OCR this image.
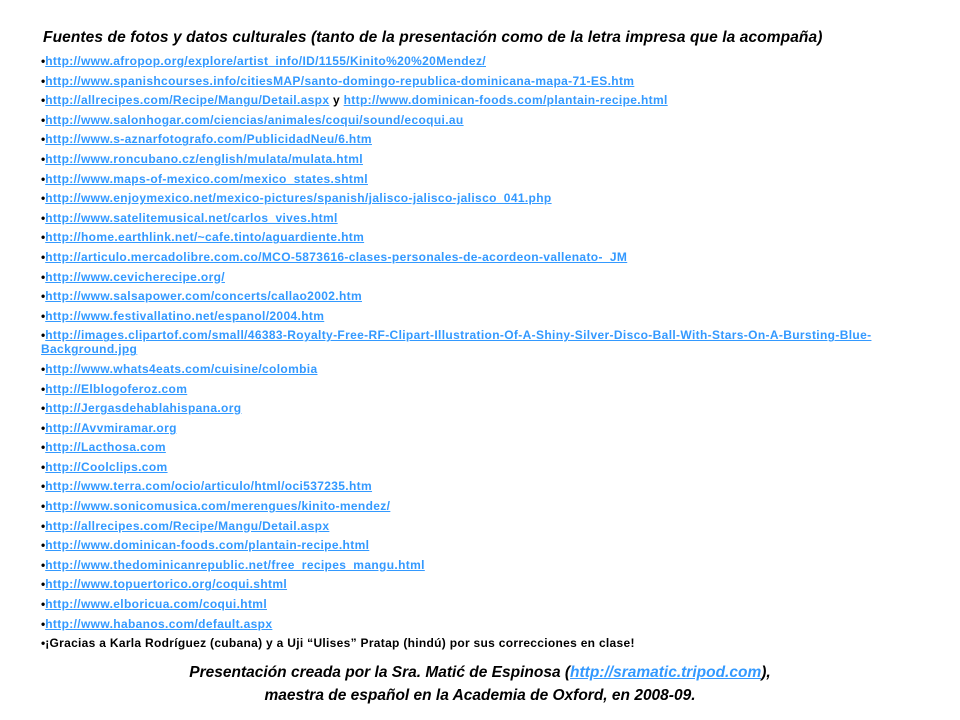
Fuentes de fotos y datos culturales (tanto de la presentación como de la letra impresa que la acompaña)
•http://www.afropop.org/explore/artist_info/ID/1155/Kinito%20%20Mendez/
•http://www.spanishcourses.info/citiesMAP/santo-domingo-republica-dominicana-mapa-71-ES.htm
•http://allrecipes.com/Recipe/Mangu/Detail.aspx y http://www.dominican-foods.com/plantain-recipe.html
•http://www.salonhogar.com/ciencias/animales/coqui/sound/ecoqui.au
•http://www.s-aznarfotografo.com/PublicidadNeu/6.htm
•http://www.roncubano.cz/english/mulata/mulata.html
•http://www.maps-of-mexico.com/mexico_states.shtml
•http://www.enjoymexico.net/mexico-pictures/spanish/jalisco-jalisco-jalisco_041.php
•http://www.satelitemusical.net/carlos_vives.html
•http://home.earthlink.net/~cafe.tinto/aguardiente.htm
•http://articulo.mercadolibre.com.co/MCO-5873616-clases-personales-de-acordeon-vallenato-_JM
•http://www.cevicherecipe.org/
•http://www.salsapower.com/concerts/callao2002.htm
•http://www.festivallatino.net/espanol/2004.htm
•http://images.clipartof.com/small/46383-Royalty-Free-RF-Clipart-Illustration-Of-A-Shiny-Silver-Disco-Ball-With-Stars-On-A-Bursting-Blue-Background.jpg
•http://www.whats4eats.com/cuisine/colombia
•http://Elblogoferoz.com
•http://Jergasdehablahispana.org
•http://Avvmiramar.org
•http://Lacthosa.com
•http://Coolclips.com
•http://www.terra.com/ocio/articulo/html/oci537235.htm
•http://www.sonicomusica.com/merengues/kinito-mendez/
•http://allrecipes.com/Recipe/Mangu/Detail.aspx
•http://www.dominican-foods.com/plantain-recipe.html
•http://www.thedominicanrepublic.net/free_recipes_mangu.html
•http://www.topuertorico.org/coqui.shtml
•http://www.elboricua.com/coqui.html
•http://www.habanos.com/default.aspx
•¡Gracias a Karla Rodríguez (cubana) y a Uji “Ulises” Pratap (hindú) por sus correcciones en clase!
Presentación creada por la Sra. Matić de Espinosa (http://sramatic.tripod.com),
maestra de español en la Academia de Oxford, en 2008-09.
